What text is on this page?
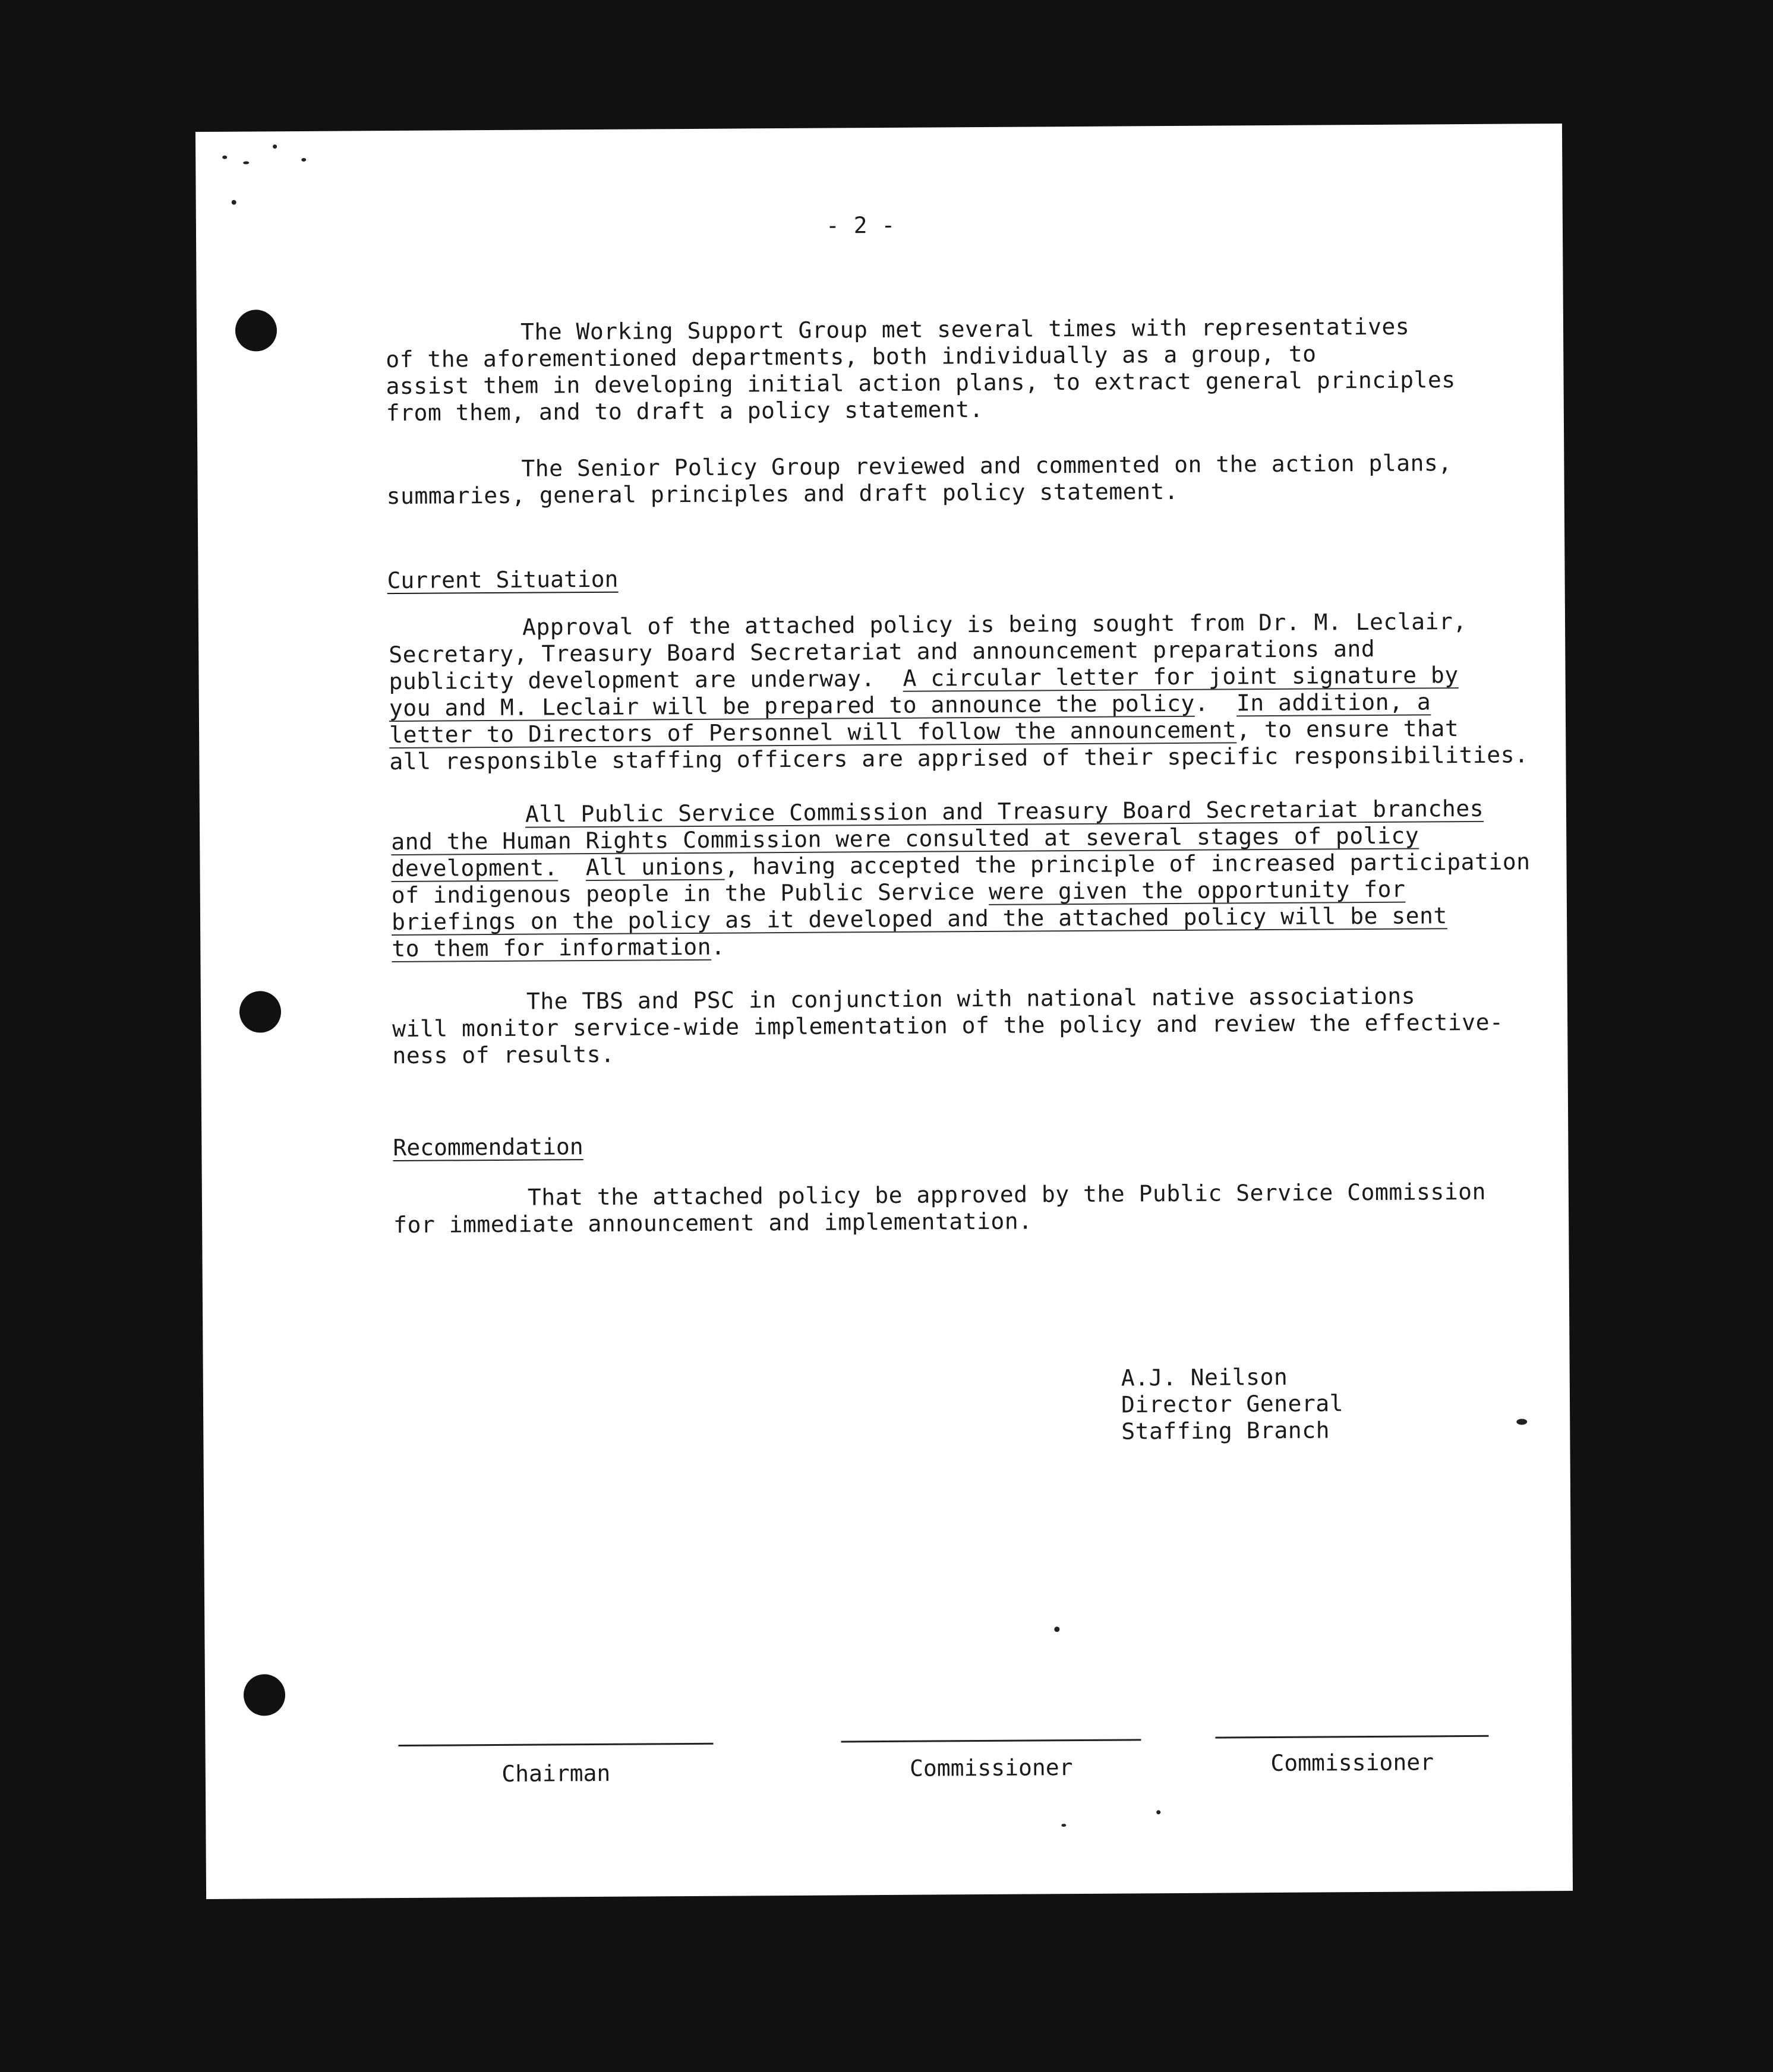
- 2 -
The Working Support Group met several times with representatives
of the aforementioned departments, both individually as a group, to
assist them in developing initial action plans, to extract general principles
from them, and to draft a policy statement.
The Senior Policy Group reviewed and commented on the action plans,
summaries, general principles and draft policy statement.
Current Situation
Approval of the attached policy is being sought from Dr. M. Leclair,
Secretary, Treasury Board Secretariat and announcement preparations and
publicity development are underway.  A circular letter for joint signature by
you and M. Leclair will be prepared to announce the policy.  In addition, a
letter to Directors of Personnel will follow the announcement, to ensure that
all responsible staffing officers are apprised of their specific responsibilities.
All Public Service Commission and Treasury Board Secretariat branches
and the Human Rights Commission were consulted at several stages of policy
development. All unions, having accepted the principle of increased participation
of indigenous people in the Public Service were given the opportunity for
briefings on the policy as it developed and the attached policy will be sent
to them for information.
The TBS and PSC in conjunction with national native associations
will monitor service-wide implementation of the policy and review the effective-
ness of results.
Recommendation
That the attached policy be approved by the Public Service Commission
for immediate announcement and implementation.
A.J. Neilson
Director General
Staffing Branch
Chairman	Commissioner	Commissioner
